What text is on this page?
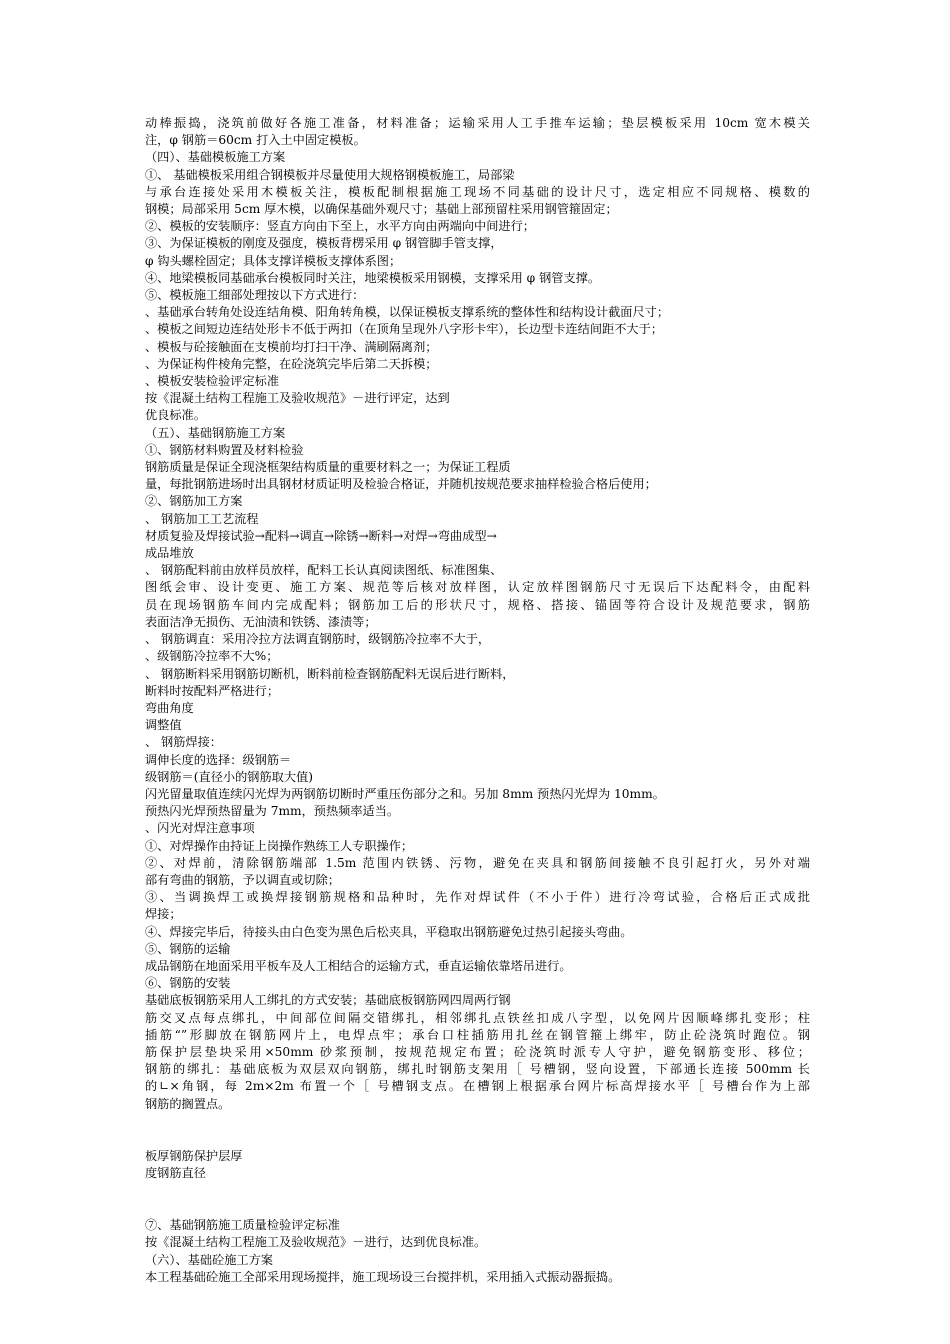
动棒振捣，浇筑前做好各施工准备，材料准备；运输采用人工手推车运输；垫层模板采用 10cm 宽木模关
注，φ 钢筋＝60cm 打入土中固定模板。
（四）、基础模板施工方案
①、 基础模板采用组合钢模板并尽量使用大规格钢模板施工，局部梁
与承台连接处采用木模板关注，模板配制根据施工现场不同基础的设计尺寸，选定相应不同规格、模数的
钢模；局部采用 5cm 厚木模，以确保基础外观尺寸；基础上部预留柱采用钢管箍固定；
②、模板的安装顺序：竖直方向由下至上，水平方向由两端向中间进行；
③、为保证模板的刚度及强度，模板背楞采用 φ 钢管脚手管支撑，
φ 钩头螺栓固定；具体支撑详模板支撑体系图；
④、地梁模板同基础承台模板同时关注，地梁模板采用钢模，支撑采用 φ 钢管支撑。
⑤、模板施工细部处理按以下方式进行：
、基础承台转角处设连结角模、阳角转角模，以保证模板支撑系统的整体性和结构设计截面尺寸；
、模板之间短边连结处形卡不低于两扣（在顶角呈现外八字形卡牢），长边型卡连结间距不大于；
、模板与砼接触面在支模前均打扫干净、满刷隔离剂；
、为保证构件棱角完整，在砼浇筑完毕后第二天拆模；
、模板安装检验评定标准
按《混凝土结构工程施工及验收规范》－进行评定，达到
优良标准。
（五）、基础钢筋施工方案
①、钢筋材料购置及材料检验
钢筋质量是保证全现浇框架结构质量的重要材料之一；为保证工程质
量，每批钢筋进场时出具钢材材质证明及检验合格证，并随机按规范要求抽样检验合格后使用；
②、钢筋加工方案
、 钢筋加工工艺流程
材质复验及焊接试验→配料→调直→除锈→断料→对焊→弯曲成型→
成品堆放
、 钢筋配料前由放样员放样，配料工长认真阅读图纸、标准图集、
图纸会审、设计变更、施工方案、规范等后核对放样图，认定放样图钢筋尺寸无误后下达配料令，由配料
员在现场钢筋车间内完成配料；钢筋加工后的形状尺寸，规格、搭接、锚固等符合设计及规范要求，钢筋
表面洁净无损伤、无油渍和铁锈、漆渍等；
、 钢筋调直：采用冷拉方法调直钢筋时，级钢筋冷拉率不大于，
、级钢筋冷拉率不大%；
、 钢筋断料采用钢筋切断机，断料前检查钢筋配料无误后进行断料，
断料时按配料严格进行；
弯曲角度
调整值
、 钢筋焊接：
调伸长度的选择：级钢筋＝
级钢筋＝(直径小的钢筋取大值)
闪光留量取值连续闪光焊为两钢筋切断时严重压伤部分之和。另加 8mm 预热闪光焊为 10mm。
预热闪光焊预热留量为 7mm，预热频率适当。
、闪光对焊注意事项
①、对焊操作由持证上岗操作熟练工人专职操作；
②、对焊前，清除钢筋端部 1.5m 范围内铁锈、污物，避免在夹具和钢筋间接触不良引起打火，另外对端
部有弯曲的钢筋，予以调直或切除；
③、当调换焊工或换焊接钢筋规格和品种时，先作对焊试件（不小于件）进行冷弯试验，合格后正式成批
焊接；
④、焊接完毕后，待接头由白色变为黑色后松夹具，平稳取出钢筋避免过热引起接头弯曲。
⑤、钢筋的运输
成品钢筋在地面采用平板车及人工相结合的运输方式，垂直运输依靠塔吊进行。
⑥、钢筋的安装
基础底板钢筋采用人工绑扎的方式安装；基础底板钢筋网四周两行钢
筋交叉点每点绑扎，中间部位间隔交错绑扎，相邻绑扎点铁丝扣成八字型，以免网片因顺峰绑扎变形；柱
插筋“”形脚放在钢筋网片上，电焊点牢；承台口柱插筋用扎丝在钢管箍上绑牢，防止砼浇筑时跑位。钢
筋保护层垫块采用×50mm 砂浆预制，按规范规定布置；砼浇筑时派专人守护，避免钢筋变形、移位；
钢筋的绑扎：基础底板为双层双向钢筋，绑扎时钢筋支架用［ 号槽钢，竖向设置，下部通长连接 500mm 长
的∟×角钢，每 2m×2m 布置一个［ 号槽钢支点。在槽钢上根据承台网片标高焊接水平［ 号槽台作为上部
钢筋的搁置点。
板厚钢筋保护层厚
度钢筋直径
⑦、基础钢筋施工质量检验评定标准
按《混凝土结构工程施工及验收规范》－进行，达到优良标准。
（六）、基础砼施工方案
本工程基础砼施工全部采用现场搅拌，施工现场设三台搅拌机，采用插入式振动器振捣。
